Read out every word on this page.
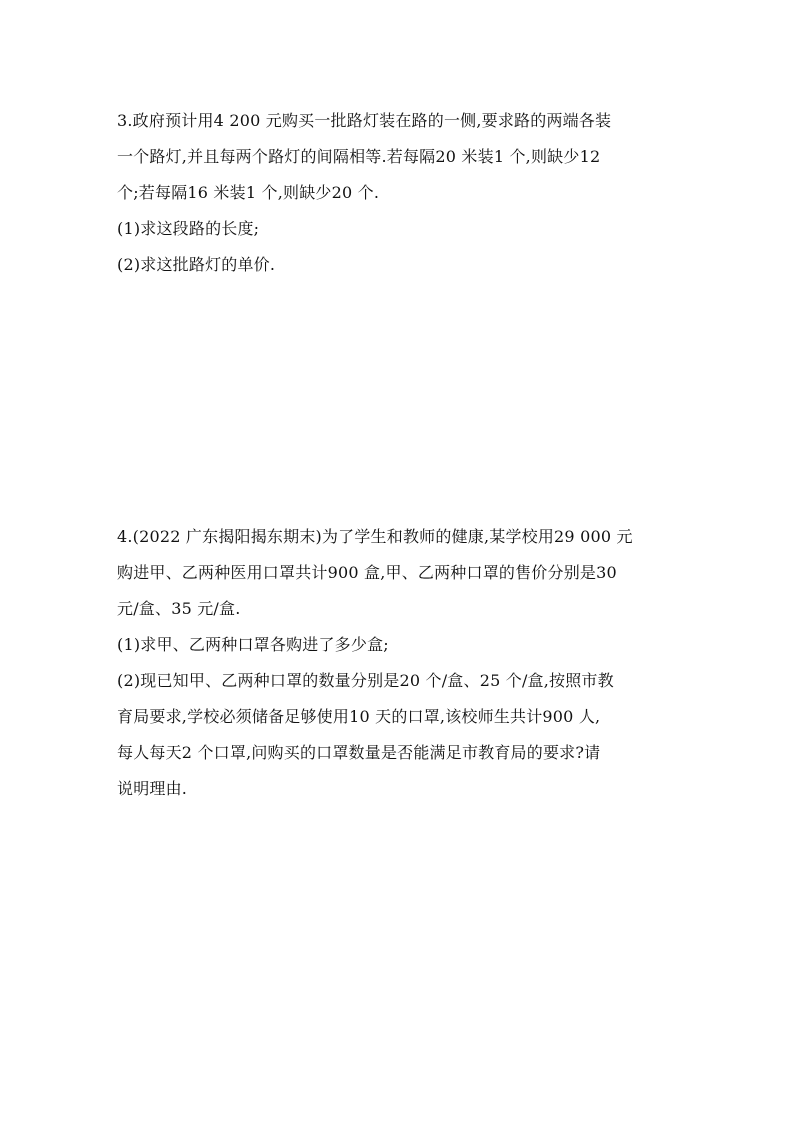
3.政府预计用4 200 元购买一批路灯装在路的一侧,要求路的两端各装
一个路灯,并且每两个路灯的间隔相等.若每隔20 米装1 个,则缺少12
个;若每隔16 米装1 个,则缺少20 个.
(1)求这段路的长度;
(2)求这批路灯的单价.
4.(2022 广东揭阳揭东期末)为了学生和教师的健康,某学校用29 000 元
购进甲、乙两种医用口罩共计900 盒,甲、乙两种口罩的售价分别是30
元/盒、35 元/盒.
(1)求甲、乙两种口罩各购进了多少盒;
(2)现已知甲、乙两种口罩的数量分别是20 个/盒、25 个/盒,按照市教
育局要求,学校必须储备足够使用10 天的口罩,该校师生共计900 人,
每人每天2 个口罩,问购买的口罩数量是否能满足市教育局的要求?请
说明理由.
